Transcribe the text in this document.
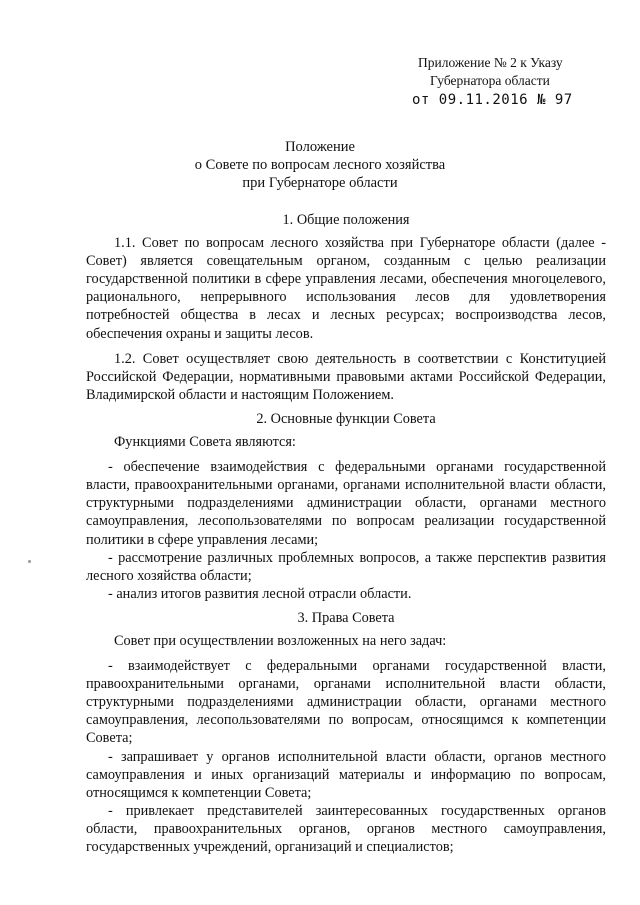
Приложение № 2 к Указу
Губернатора области
от 09.11.2016 № 97
Положение
о Совете по вопросам лесного хозяйства
при Губернаторе области
1. Общие положения

1.1. Совет по вопросам лесного хозяйства при Губернаторе области (далее - Совет) является совещательным органом, созданным с целью реализации государственной политики в сфере управления лесами, обеспечения многоцелевого, рационального, непрерывного использования лесов для удовлетворения потребностей общества в лесах и лесных ресурсах; воспроизводства лесов, обеспечения охраны и защиты лесов.

1.2. Совет осуществляет свою деятельность в соответствии с Конституцией Российской Федерации, нормативными правовыми актами Российской Федерации, Владимирской области и настоящим Положением.

2. Основные функции Совета

Функциями Совета являются:

- обеспечение взаимодействия с федеральными органами государственной власти, правоохранительными органами, органами исполнительной власти области, структурными подразделениями администрации области, органами местного самоуправления, лесопользователями по вопросам реализации государственной политики в сфере управления лесами;

- рассмотрение различных проблемных вопросов, а также перспектив развития лесного хозяйства области;

- анализ итогов развития лесной отрасли области.

3. Права Совета

Совет при осуществлении возложенных на него задач:

- взаимодействует с федеральными органами государственной власти, правоохранительными органами, органами исполнительной власти области, структурными подразделениями администрации области, органами местного самоуправления, лесопользователями по вопросам, относящимся к компетенции Совета;

- запрашивает у органов исполнительной власти области, органов местного самоуправления и иных организаций материалы и информацию по вопросам, относящимся к компетенции Совета;

- привлекает представителей заинтересованных государственных органов области, правоохранительных органов, органов местного самоуправления, государственных учреждений, организаций и специалистов;
